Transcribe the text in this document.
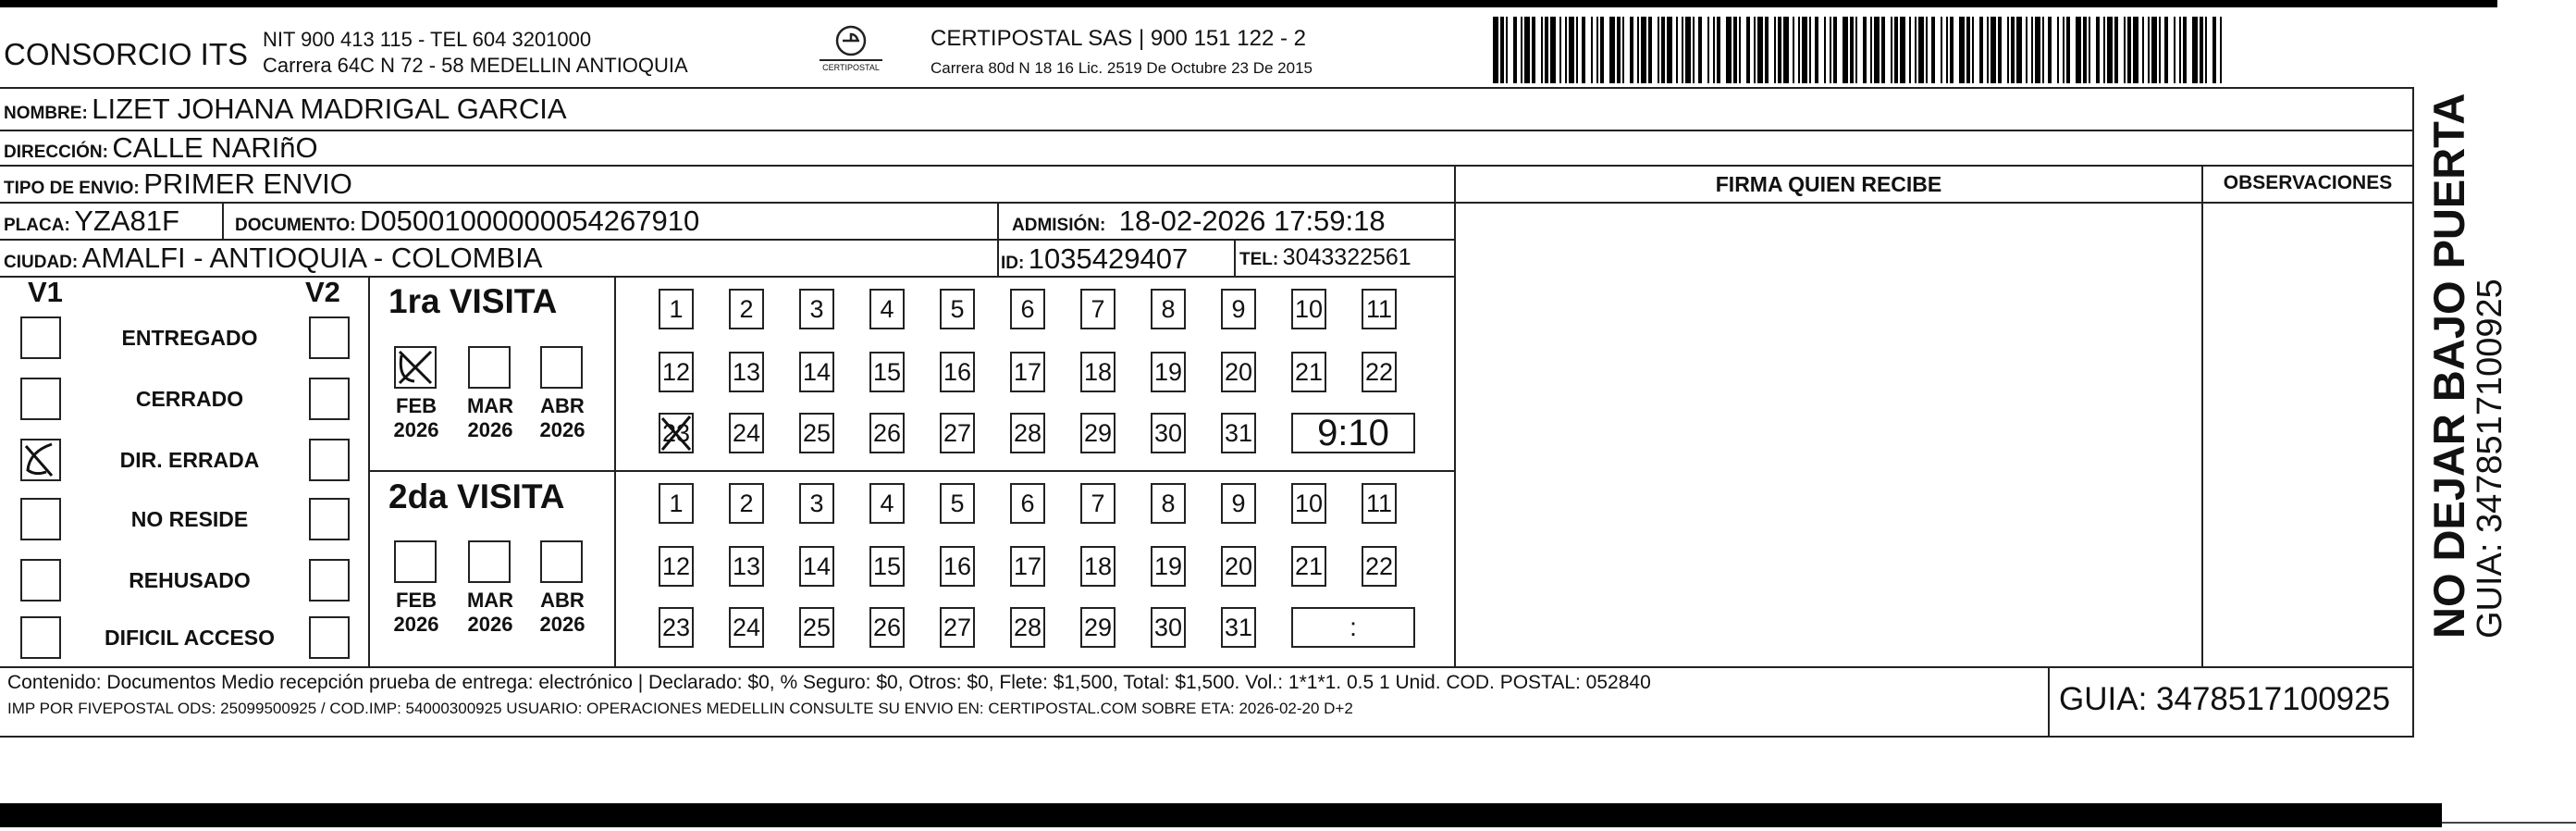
CONSORCIO ITS NIT 900 413 115 - TEL 604 3201000
Carrera 64C N 72 - 58 MEDELLIN ANTIOQUIA	CERTIPOSTAL
CERTIPOSTAL SAS | 900 151 122 - 2
Carrera 80d N 18 16 Lic. 2519 De Octubre 23 De 2015
NOMBRE: LIZET JOHANA MADRIGAL GARCIA
DIRECCIÓN: CALLE NARIñO
TIPO DE ENVIO: PRIMER ENVIO
PLACA: YZA81F	DOCUMENTO: D05001000000054267910	ADMISIÓN: 18-02-2026 17:59:18
CIUDAD: AMALFI - ANTIOQUIA - COLOMBIA	ID: 1035429407	TEL: 3043322561
FIRMA QUIEN RECIBE	OBSERVACIONES
V1	V2
ENTREGADO
CERRADO
DIR. ERRADA
NO RESIDE
REHUSADO
DIFICIL ACCESO
1ra VISITA
2da VISITA
FEB
2026
MAR
2026
ABR
2026
1 2 3 4 5 6 7 8 9 10 11
12 13 14 15 16 17 18 19 20 21 22
23 24 25 26 27 28 29 30 31	9:10
FEB
2026
MAR
2026
ABR
2026
1 2 3 4 5 6 7 8 9 10 11
12 13 14 15 16 17 18 19 20 21 22
23 24 25 26 27 28 29 30 31	:
Contenido: Documentos Medio recepción prueba de entrega: electrónico | Declarado: $0, % Seguro: $0, Otros: $0, Flete: $1,500, Total: $1,500. Vol.: 1*1*1. 0.5 1 Unid. COD. POSTAL: 052840
IMP POR FIVEPOSTAL ODS: 25099500925 / COD.IMP: 54000300925 USUARIO: OPERACIONES MEDELLIN CONSULTE SU ENVIO EN: CERTIPOSTAL.COM SOBRE ETA: 2026-02-20 D+2	GUIA: 3478517100925
NO DEJAR BAJO PUERTA
GUIA: 3478517100925
